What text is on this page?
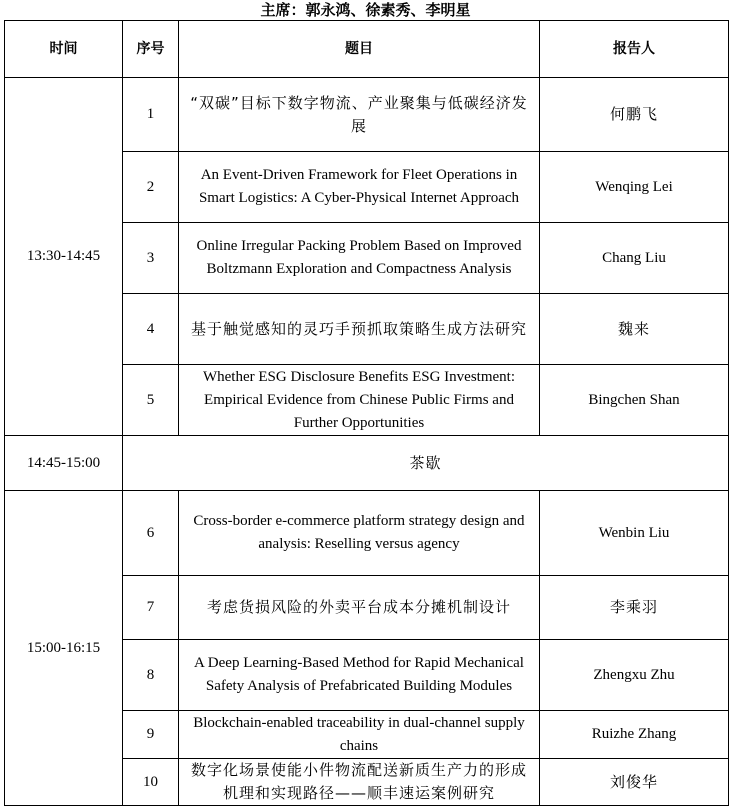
主席：郭永鸿、徐素秀、李明星
时间	序号	题目	报告人
13:30-14:45	1	“双碳”目标下数字物流、产业聚集与低碳经济发展	何鹏飞
	2	An Event-Driven Framework for Fleet Operations in Smart Logistics: A Cyber-Physical Internet Approach	Wenqing Lei
	3	Online Irregular Packing Problem Based on Improved Boltzmann Exploration and Compactness Analysis	Chang Liu
	4	基于触觉感知的灵巧手预抓取策略生成方法研究	魏来
	5	Whether ESG Disclosure Benefits ESG Investment: Empirical Evidence from Chinese Public Firms and Further Opportunities	Bingchen Shan
14:45-15:00	茶歇		
15:00-16:15	6	Cross-border e-commerce platform strategy design and analysis: Reselling versus agency	Wenbin Liu
	7	考虑货损风险的外卖平台成本分摊机制设计	李乘羽
	8	A Deep Learning-Based Method for Rapid Mechanical Safety Analysis of Prefabricated Building Modules	Zhengxu Zhu
	9	Blockchain-enabled traceability in dual-channel supply chains	Ruizhe Zhang
	10	数字化场景使能小件物流配送新质生产力的形成机理和实现路径——顺丰速运案例研究	刘俊华
